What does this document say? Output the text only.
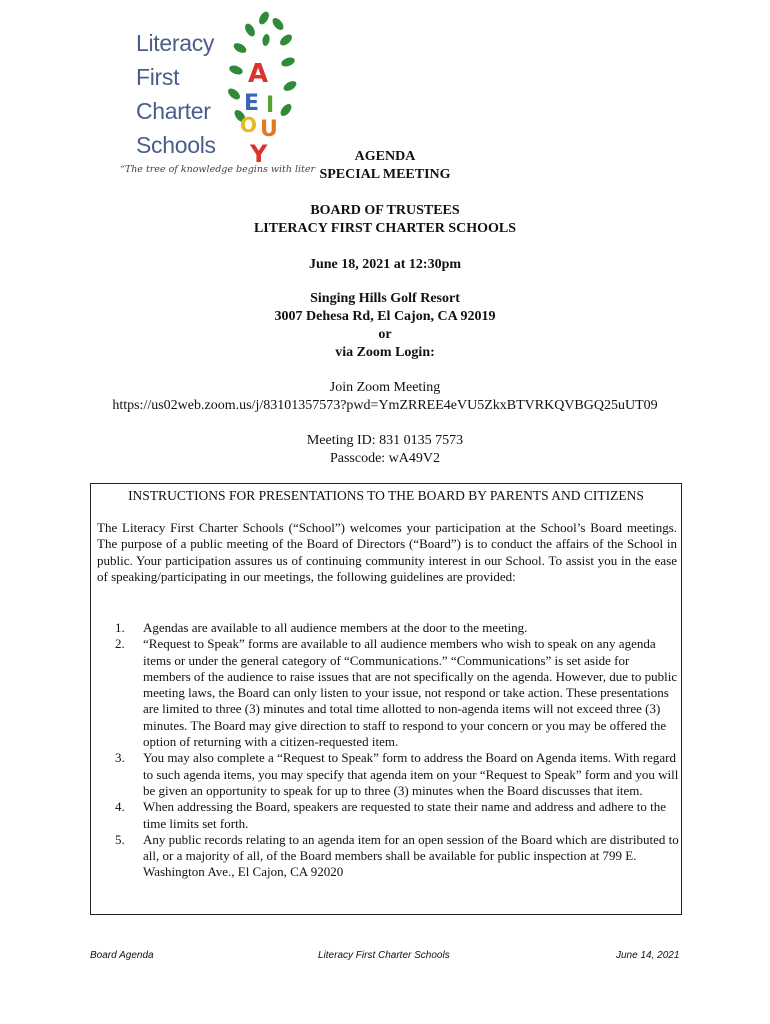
Literacy
First
Charter
Schools
A
E I
O U
Y
“The tree of knowledge begins with liter
AGENDA
SPECIAL MEETING
BOARD OF TRUSTEES
LITERACY FIRST CHARTER SCHOOLS
June 18, 2021 at 12:30pm
Singing Hills Golf Resort
3007 Dehesa Rd, El Cajon, CA 92019
or
via Zoom Login:
Join Zoom Meeting
https://us02web.zoom.us/j/83101357573?pwd=YmZRREE4eVU5ZkxBTVRKQVBGQ25uUT09
Meeting ID: 831 0135 7573
Passcode: wA49V2
INSTRUCTIONS FOR PRESENTATIONS TO THE BOARD BY PARENTS AND CITIZENS
The Literacy First Charter Schools (“School”) welcomes your participation at the School’s Board meetings. The purpose of a public meeting of the Board of Directors (“Board”) is to conduct the affairs of the School in public. Your participation assures us of continuing community interest in our School. To assist you in the ease of speaking/participating in our meetings, the following guidelines are provided:
1. Agendas are available to all audience members at the door to the meeting.
2. “Request to Speak” forms are available to all audience members who wish to speak on any agenda items or under the general category of “Communications.” “Communications” is set aside for members of the audience to raise issues that are not specifically on the agenda. However, due to public meeting laws, the Board can only listen to your issue, not respond or take action. These presentations are limited to three (3) minutes and total time allotted to non-agenda items will not exceed three (3) minutes. The Board may give direction to staff to respond to your concern or you may be offered the option of returning with a citizen-requested item.
3. You may also complete a “Request to Speak” form to address the Board on Agenda items. With regard to such agenda items, you may specify that agenda item on your “Request to Speak” form and you will be given an opportunity to speak for up to three (3) minutes when the Board discusses that item.
4. When addressing the Board, speakers are requested to state their name and address and adhere to the time limits set forth.
5. Any public records relating to an agenda item for an open session of the Board which are distributed to all, or a majority of all, of the Board members shall be available for public inspection at 799 E. Washington Ave., El Cajon, CA 92020
Board Agenda	Literacy First Charter Schools	June 14, 2021
